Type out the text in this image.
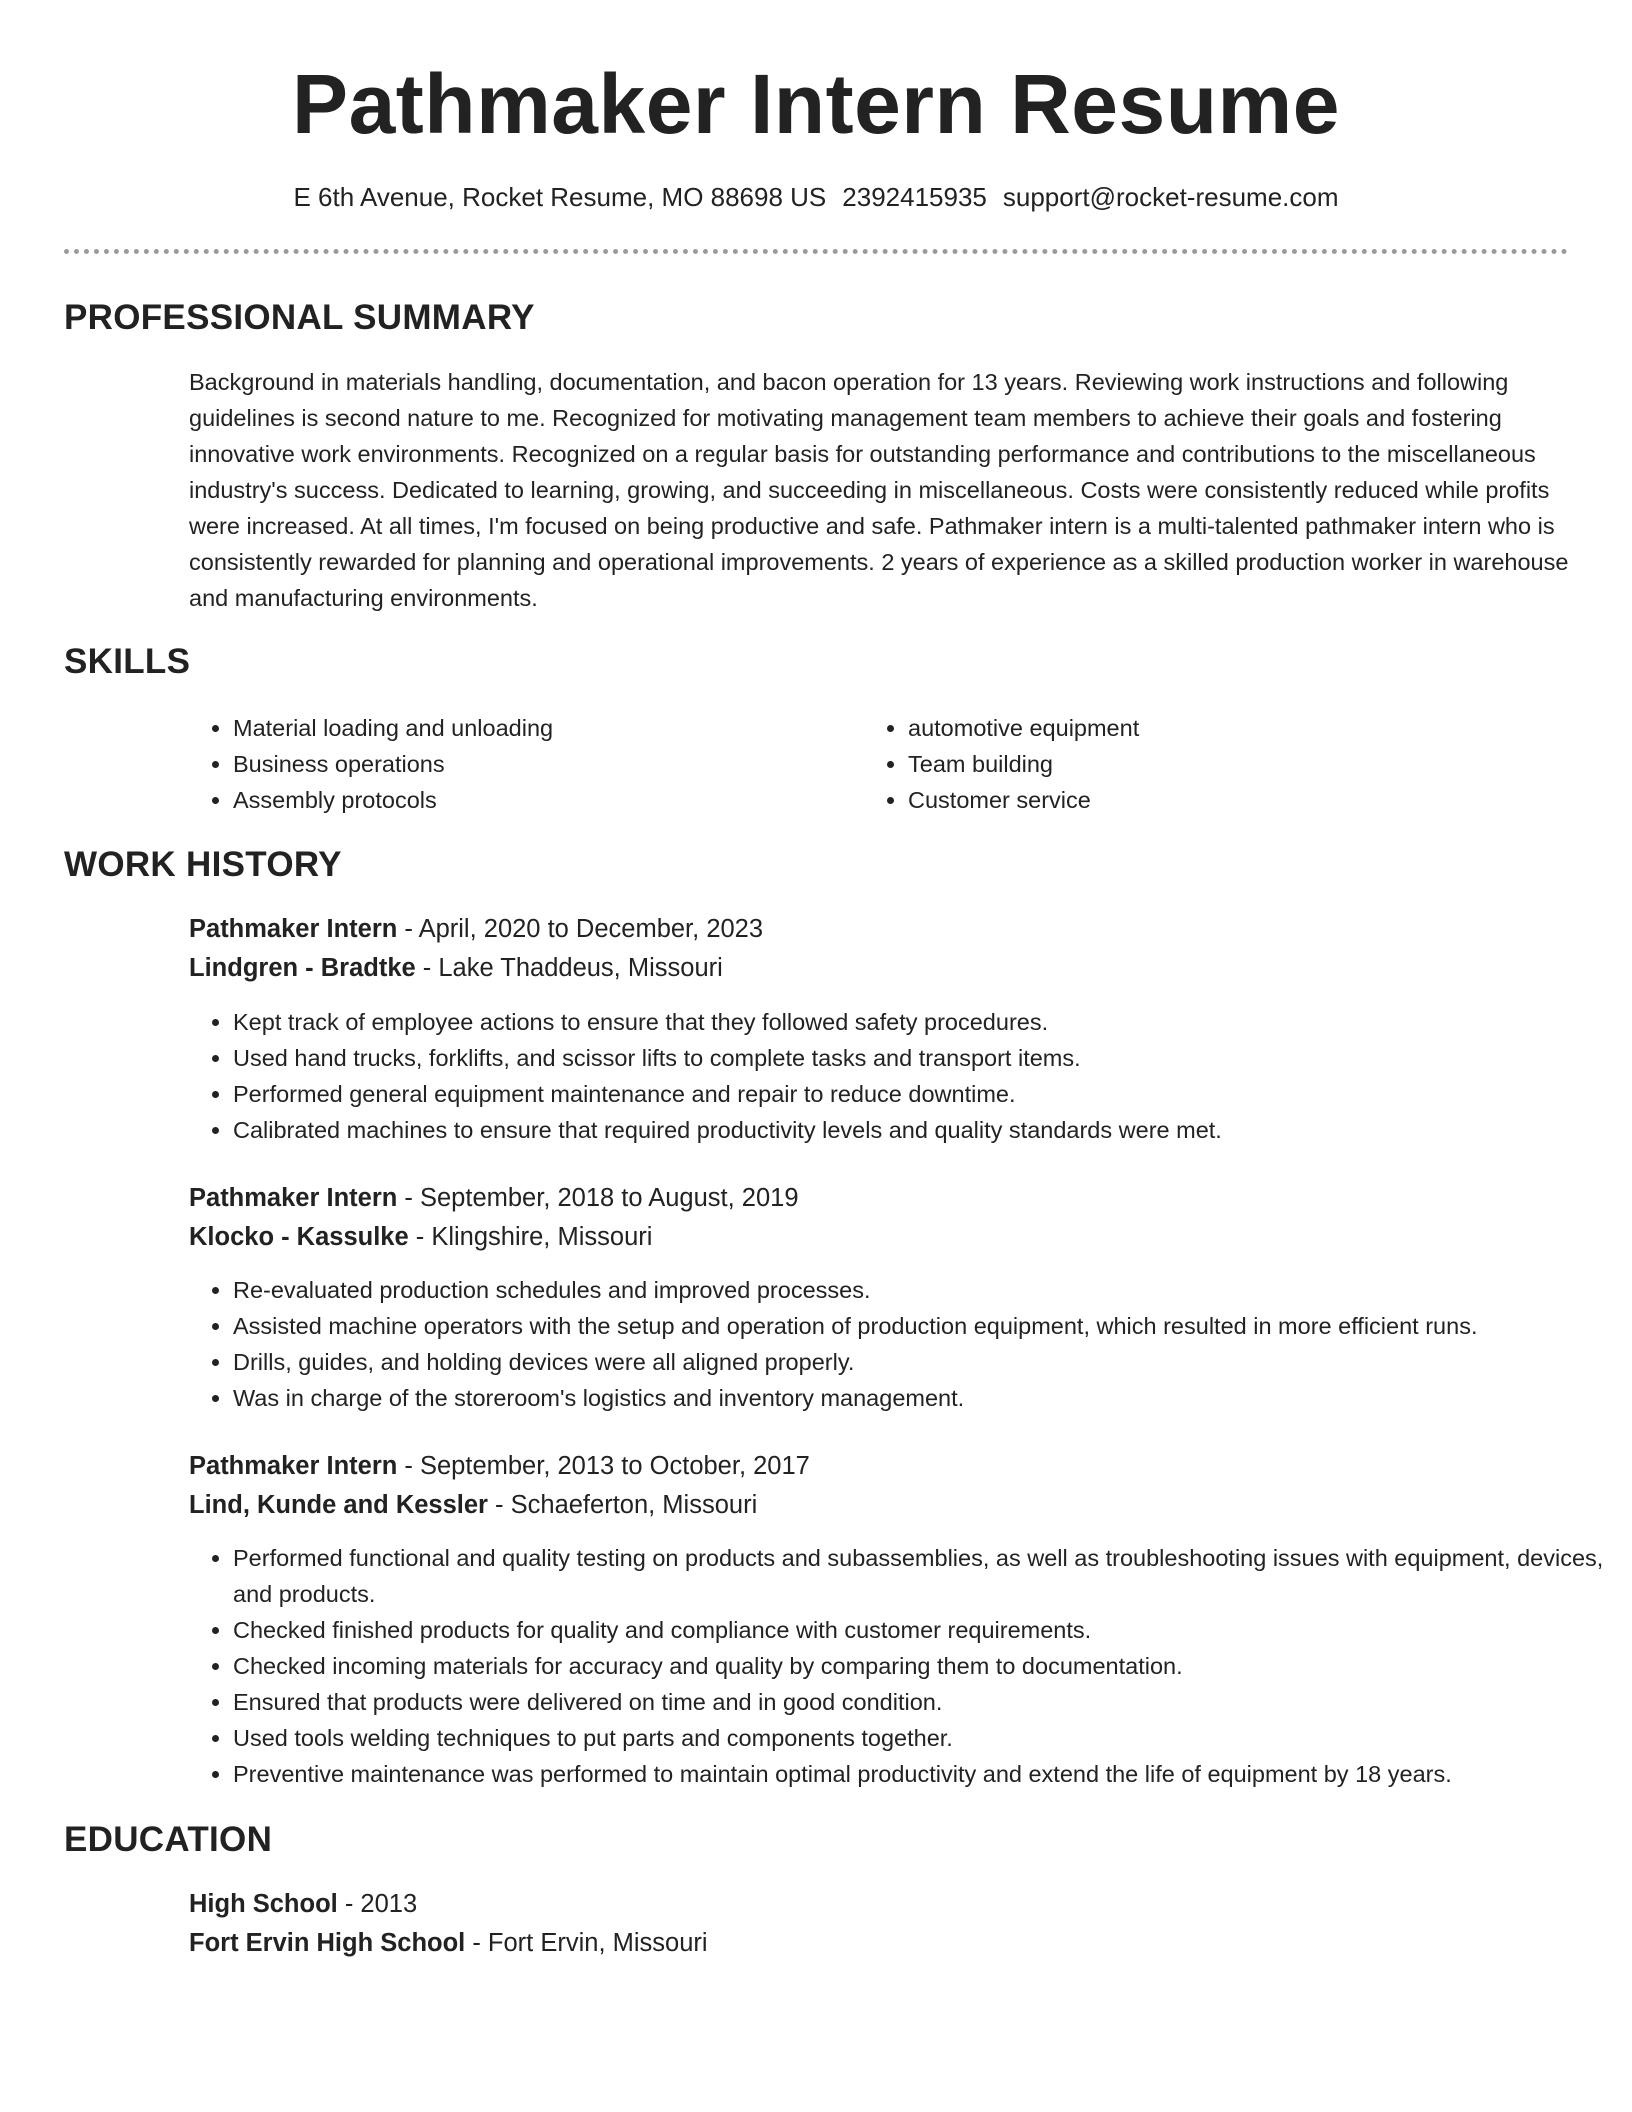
Pathmaker Intern Resume
E 6th Avenue, Rocket Resume, MO 88698 US 2392415935 support@rocket-resume.com
PROFESSIONAL SUMMARY

Background in materials handling, documentation, and bacon operation for 13 years. Reviewing work instructions and following guidelines is second nature to me. Recognized for motivating management team members to achieve their goals and fostering innovative work environments. Recognized on a regular basis for outstanding performance and contributions to the miscellaneous industry's success. Dedicated to learning, growing, and succeeding in miscellaneous. Costs were consistently reduced while profits were increased. At all times, I'm focused on being productive and safe. Pathmaker intern is a multi-talented pathmaker intern who is consistently rewarded for planning and operational improvements. 2 years of experience as a skilled production worker in warehouse and manufacturing environments.

SKILLS
• Material loading and unloading
• Business operations
• Assembly protocols
• automotive equipment
• Team building
• Customer service
WORK HISTORY
Pathmaker Intern - April, 2020 to December, 2023
Lindgren - Bradtke - Lake Thaddeus, Missouri
• Kept track of employee actions to ensure that they followed safety procedures.
• Used hand trucks, forklifts, and scissor lifts to complete tasks and transport items.
• Performed general equipment maintenance and repair to reduce downtime.
• Calibrated machines to ensure that required productivity levels and quality standards were met.
Pathmaker Intern - September, 2018 to August, 2019
Klocko - Kassulke - Klingshire, Missouri
• Re-evaluated production schedules and improved processes.
• Assisted machine operators with the setup and operation of production equipment, which resulted in more efficient runs.
• Drills, guides, and holding devices were all aligned properly.
• Was in charge of the storeroom's logistics and inventory management.
Pathmaker Intern - September, 2013 to October, 2017
Lind, Kunde and Kessler - Schaeferton, Missouri
• Performed functional and quality testing on products and subassemblies, as well as troubleshooting issues with equipment, devices, and products.
• Checked finished products for quality and compliance with customer requirements.
• Checked incoming materials for accuracy and quality by comparing them to documentation.
• Ensured that products were delivered on time and in good condition.
• Used tools welding techniques to put parts and components together.
• Preventive maintenance was performed to maintain optimal productivity and extend the life of equipment by 18 years.
EDUCATION
High School - 2013
Fort Ervin High School - Fort Ervin, Missouri
